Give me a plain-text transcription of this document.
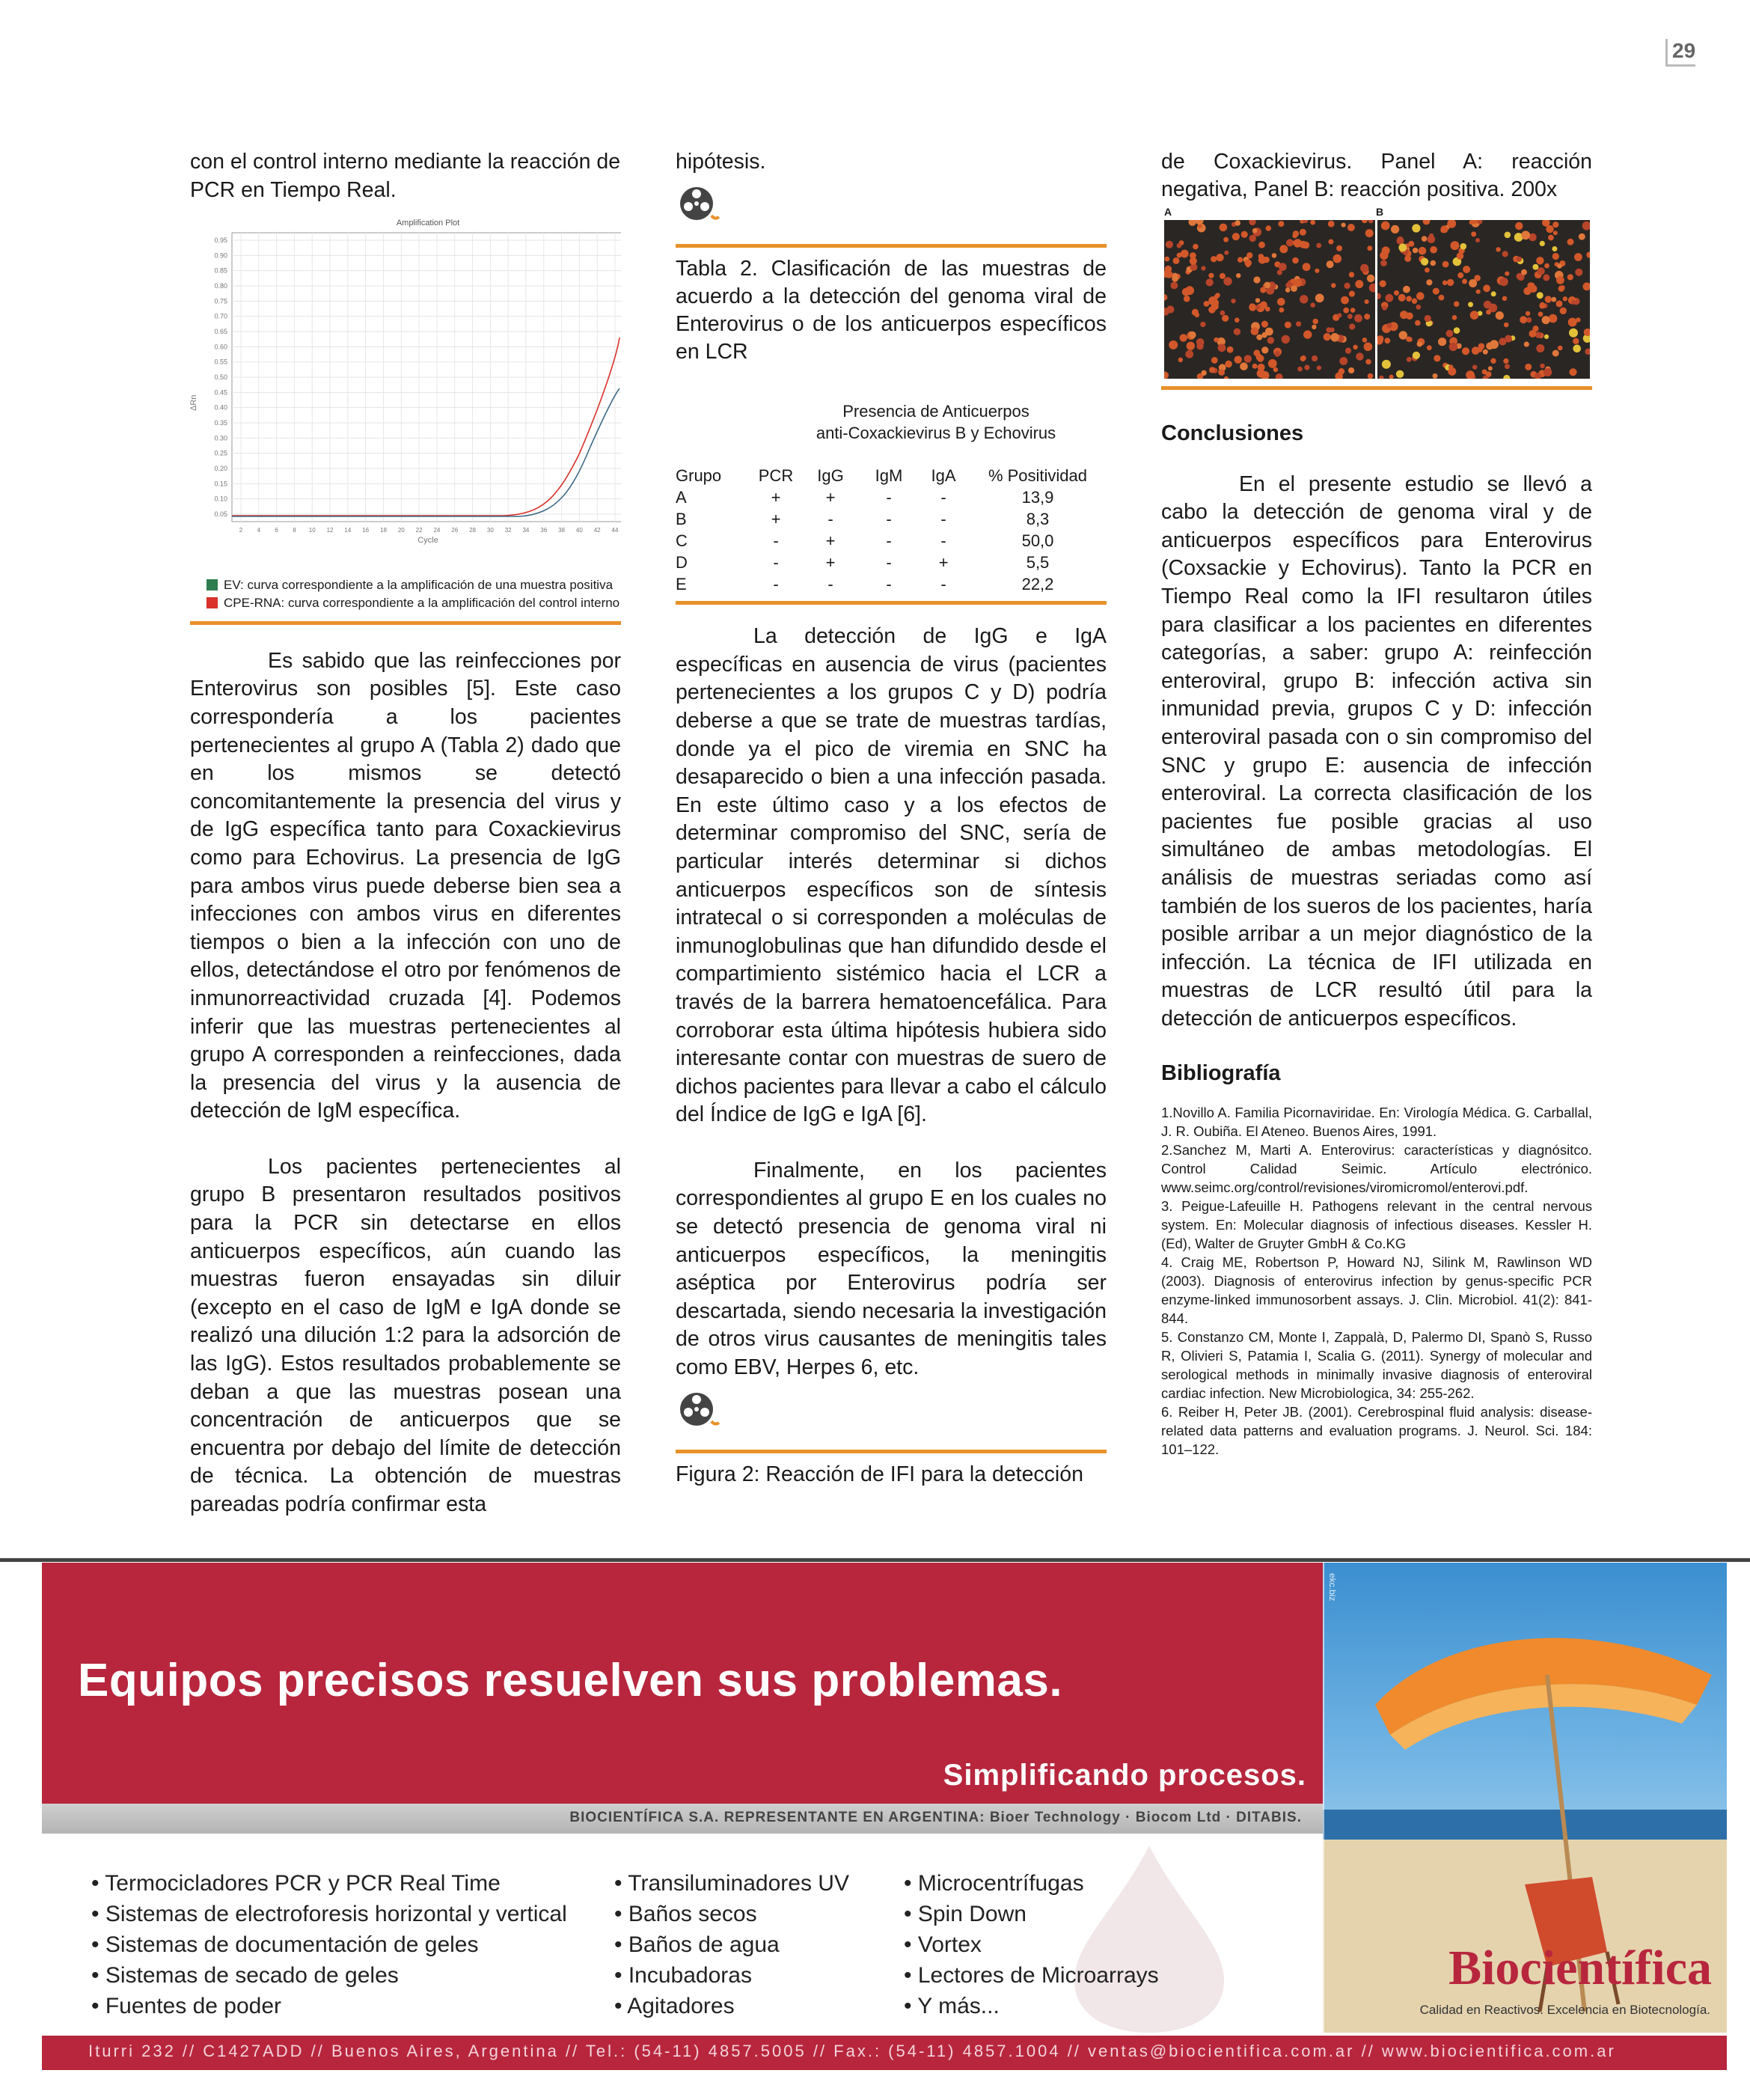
29

con el control interno mediante la reacción de PCR en Tiempo Real.

Amplification Plot
0.95
0.90
0.85
0.80
0.75
0.70
0.65
0.60
0.55
0.50
0.45
0.40
0.35
0.30
0.25
0.20
0.15
0.10
0.05
2 4 6 8 10 12 14 16 18 20 22 24 26 28 30 32 34 36 38 40 42 44
ΔRn
Cycle
EV: curva correspondiente a la amplificación de una muestra positiva
CPE-RNA: curva correspondiente a la amplificación del control interno

Es sabido que las reinfecciones por Enterovirus son posibles [5]. Este caso correspondería a los pacientes pertenecientes al grupo A (Tabla 2) dado que en los mismos se detectó concomitantemente la presencia del virus y de IgG específica tanto para Coxackievirus como para Echovirus. La presencia de IgG para ambos virus puede deberse bien sea a infecciones con ambos virus en diferentes tiempos o bien a la infección con uno de ellos, detectándose el otro por fenómenos de inmunorreactividad cruzada [4]. Podemos inferir que las muestras pertenecientes al grupo A corresponden a reinfecciones, dada la presencia del virus y la ausencia de detección de IgM específica.

Los pacientes pertenecientes al grupo B presentaron resultados positivos para la PCR sin detectarse en ellos anticuerpos específicos, aún cuando las muestras fueron ensayadas sin diluir (excepto en el caso de IgM e IgA donde se realizó una dilución 1:2 para la adsorción de las IgG). Estos resultados probablemente se deban a que las muestras posean una concentración de anticuerpos que se encuentra por debajo del límite de detección de técnica. La obtención de muestras pareadas podría confirmar esta

hipótesis.

Tabla 2. Clasificación de las muestras de acuerdo a la detección del genoma viral de Enterovirus o de los anticuerpos específicos en LCR

Presencia de Anticuerpos
anti-Coxackievirus B y Echovirus
Grupo	PCR	IgG	IgM	IgA	% Positividad
A	+	+	-	-	13,9
B	+	-	-	-	8,3
C	-	+	-	-	50,0
D	-	+	-	+	5,5
E	-	-	-	-	22,2

La detección de IgG e IgA específicas en ausencia de virus (pacientes pertenecientes a los grupos C y D) podría deberse a que se trate de muestras tardías, donde ya el pico de viremia en SNC ha desaparecido o bien a una infección pasada. En este último caso y a los efectos de determinar compromiso del SNC, sería de particular interés determinar si dichos anticuerpos específicos son de síntesis intratecal o si corresponden a moléculas de inmunoglobulinas que han difundido desde el compartimiento sistémico hacia el LCR a través de la barrera hematoencefálica. Para corroborar esta última hipótesis hubiera sido interesante contar con muestras de suero de dichos pacientes para llevar a cabo el cálculo del Índice de IgG e IgA [6].

Finalmente, en los pacientes correspondientes al grupo E en los cuales no se detectó presencia de genoma viral ni anticuerpos específicos, la meningitis aséptica por Enterovirus podría ser descartada, siendo necesaria la investigación de otros virus causantes de meningitis tales como EBV, Herpes 6, etc.

Figura 2: Reacción de IFI para la detección

de Coxackievirus. Panel A: reacción negativa, Panel B: reacción positiva. 200x

A	B
Conclusiones

En el presente estudio se llevó a cabo la detección de genoma viral y de anticuerpos específicos para Enterovirus (Coxsackie y Echovirus). Tanto la PCR en Tiempo Real como la IFI resultaron útiles para clasificar a los pacientes en diferentes categorías, a saber: grupo A: reinfección enteroviral, grupo B: infección activa sin inmunidad previa, grupos C y D: infección enteroviral pasada con o sin compromiso del SNC y grupo E: ausencia de infección enteroviral. La correcta clasificación de los pacientes fue posible gracias al uso simultáneo de ambas metodologías. El análisis de muestras seriadas como así también de los sueros de los pacientes, haría posible arribar a un mejor diagnóstico de la infección. La técnica de IFI utilizada en muestras de LCR resultó útil para la detección de anticuerpos específicos.

Bibliografía

1.Novillo A. Familia Picornaviridae. En: Virología Médica. G. Carballal, J. R. Oubiña. El Ateneo. Buenos Aires, 1991.

2.Sanchez M, Marti A. Enterovirus: características y diagnósitco. Control Calidad Seimic. Artículo electrónico. www.seimc.org/control/revisiones/viromicromol/enterovi.pdf.

3. Peigue-Lafeuille H. Pathogens relevant in the central nervous system. En: Molecular diagnosis of infectious diseases. Kessler H. (Ed), Walter de Gruyter GmbH & Co.KG

4. Craig ME, Robertson P, Howard NJ, Silink M, Rawlinson WD (2003). Diagnosis of enterovirus infection by genus-specific PCR enzyme-linked immunosorbent assays. J. Clin. Microbiol. 41(2): 841-844.

5. Constanzo CM, Monte I, Zappalà, D, Palermo DI, Spanò S, Russo R, Olivieri S, Patamia I, Scalia G. (2011). Synergy of molecular and serological methods in minimally invasive diagnosis of enteroviral cardiac infection. New Microbiologica, 34: 255-262.

6. Reiber H, Peter JB. (2001). Cerebrospinal fluid analysis: disease-related data patterns and evaluation programs. J. Neurol. Sci. 184: 101–122.

Equipos precisos resuelven sus problemas.
Simplificando procesos.
BIOCIENTÍFICA S.A. REPRESENTANTE EN ARGENTINA: Bioer Technology · Biocom Ltd · DITABIS.
• Termocicladores PCR y PCR Real Time
• Sistemas de electroforesis horizontal y vertical
• Sistemas de documentación de geles
• Sistemas de secado de geles
• Fuentes de poder
• Transiluminadores UV
• Baños secos
• Baños de agua
• Incubadoras
• Agitadores
• Microcentrífugas
• Spin Down
• Vortex
• Lectores de Microarrays
• Y más...
ekc.biz
Biocientífica
Calidad en Reactivos. Excelencia en Biotecnología.
Iturri 232 // C1427ADD // Buenos Aires, Argentina // Tel.: (54-11) 4857.5005 // Fax.: (54-11) 4857.1004 // ventas@biocientifica.com.ar // www.biocientifica.com.ar
